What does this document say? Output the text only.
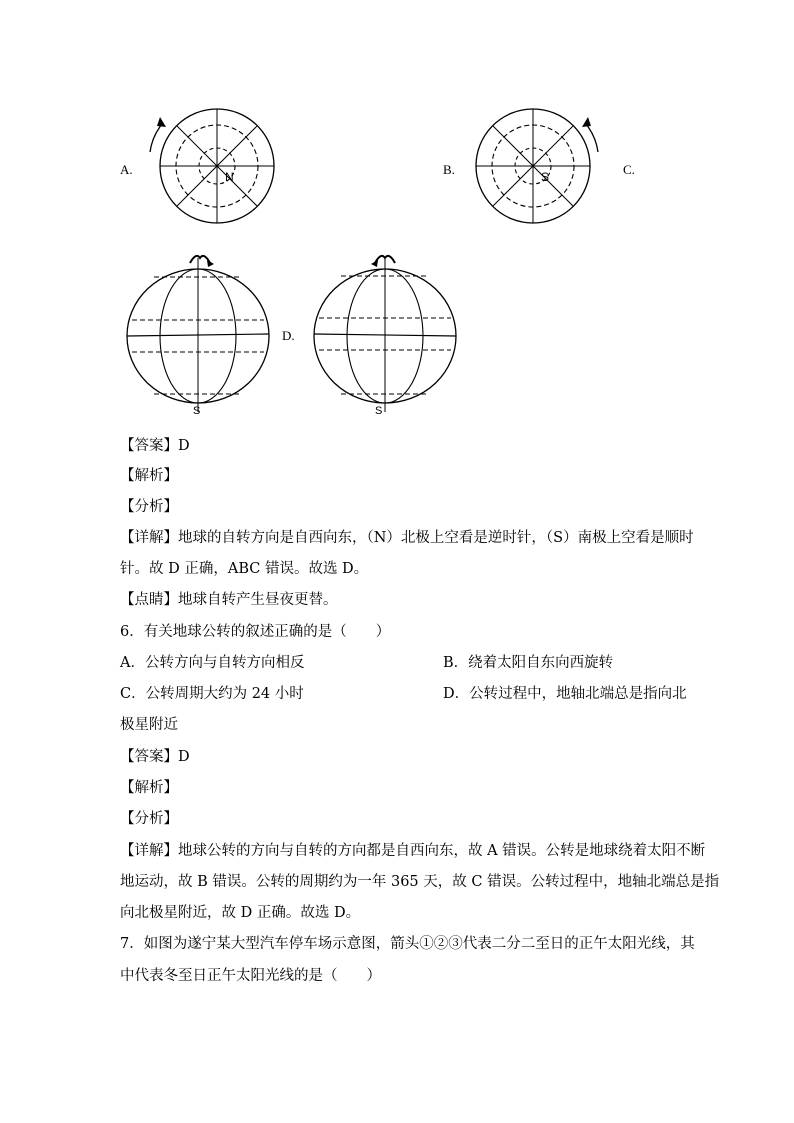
A.	B.	C.
D.
N	S
S	S
【答案】D
【解析】
【分析】
【详解】地球的自转方向是自西向东，（N）北极上空看是逆时针，（S）南极上空看是顺时
针。故 D 正确，ABC 错误。故选 D。
【点睛】地球自转产生昼夜更替。
6．有关地球公转的叙述正确的是（　　）
A．公转方向与自转方向相反	B．绕着太阳自东向西旋转
C．公转周期大约为 24 小时	D．公转过程中，地轴北端总是指向北
极星附近
【答案】D
【解析】
【分析】
【详解】地球公转的方向与自转的方向都是自西向东，故 A 错误。公转是地球绕着太阳不断
地运动，故 B 错误。公转的周期约为一年 365 天，故 C 错误。公转过程中，地轴北端总是指
向北极星附近，故 D 正确。故选 D。
7．如图为遂宁某大型汽车停车场示意图，箭头①②③代表二分二至日的正午太阳光线，其
中代表冬至日正午太阳光线的是（　　）
